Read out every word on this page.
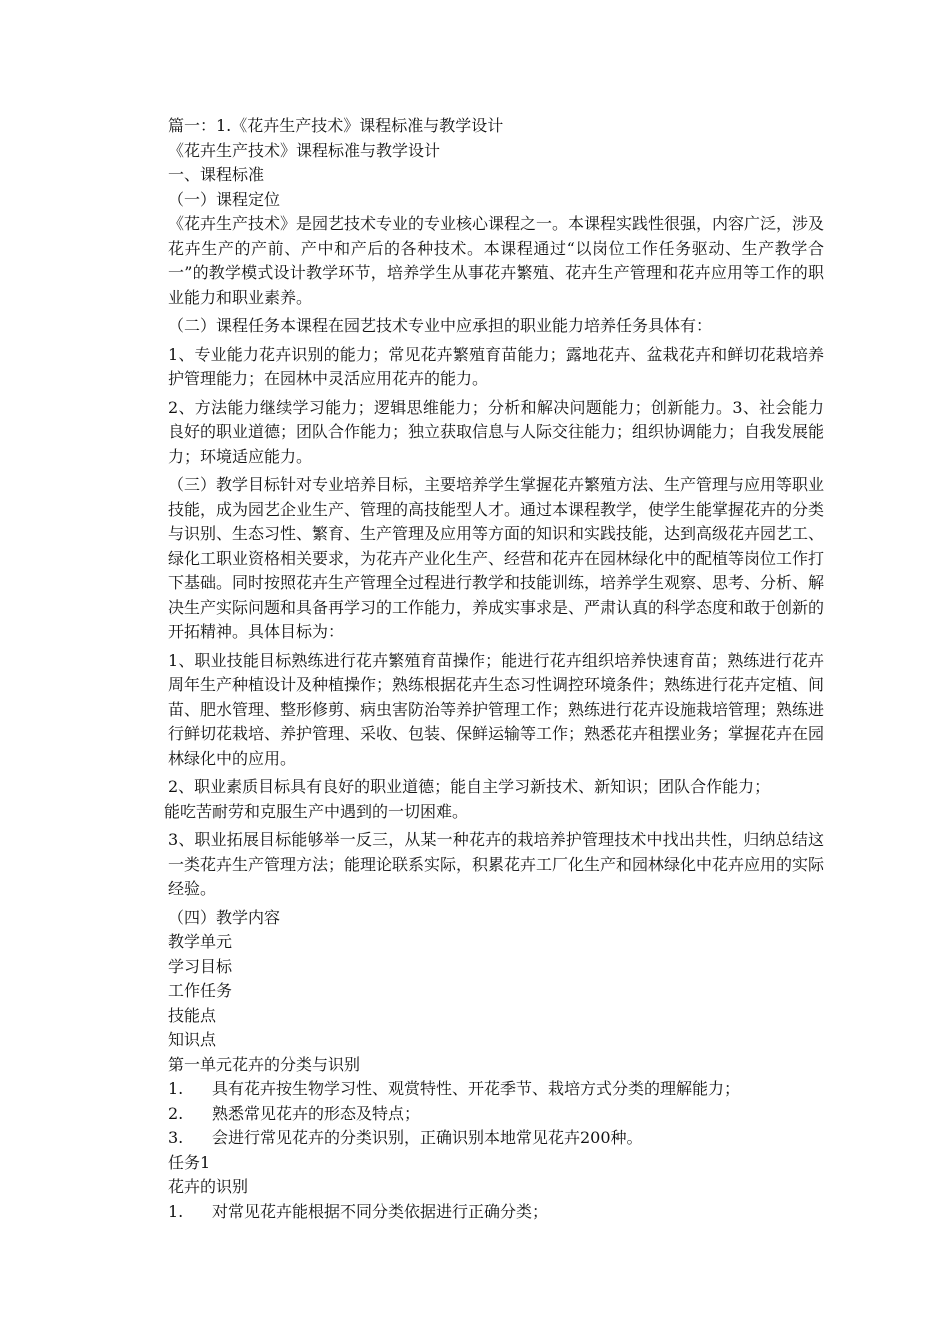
篇一：1.《花卉生产技术》课程标准与教学设计
《花卉生产技术》课程标准与教学设计
一、课程标准
（一）课程定位
《花卉生产技术》是园艺技术专业的专业核心课程之一。本课程实践性很强，内容广泛，涉及花卉生产的产前、产中和产后的各种技术。本课程通过“以岗位工作任务驱动、生产教学合一”的教学模式设计教学环节，培养学生从事花卉繁殖、花卉生产管理和花卉应用等工作的职业能力和职业素养。
（二）课程任务本课程在园艺技术专业中应承担的职业能力培养任务具体有：
1、专业能力花卉识别的能力；常见花卉繁殖育苗能力；露地花卉、盆栽花卉和鲜切花栽培养护管理能力；在园林中灵活应用花卉的能力。
2、方法能力继续学习能力；逻辑思维能力；分析和解决问题能力；创新能力。3、社会能力良好的职业道德；团队合作能力；独立获取信息与人际交往能力；组织协调能力；自我发展能力；环境适应能力。
（三）教学目标针对专业培养目标，主要培养学生掌握花卉繁殖方法、生产管理与应用等职业技能，成为园艺企业生产、管理的高技能型人才。通过本课程教学，使学生能掌握花卉的分类与识别、生态习性、繁育、生产管理及应用等方面的知识和实践技能，达到高级花卉园艺工、绿化工职业资格相关要求，为花卉产业化生产、经营和花卉在园林绿化中的配植等岗位工作打下基础。同时按照花卉生产管理全过程进行教学和技能训练，培养学生观察、思考、分析、解决生产实际问题和具备再学习的工作能力，养成实事求是、严肃认真的科学态度和敢于创新的开拓精神。具体目标为：
1、职业技能目标熟练进行花卉繁殖育苗操作；能进行花卉组织培养快速育苗；熟练进行花卉周年生产种植设计及种植操作；熟练根据花卉生态习性调控环境条件；熟练进行花卉定植、间苗、肥水管理、整形修剪、病虫害防治等养护管理工作；熟练进行花卉设施栽培管理；熟练进行鲜切花栽培、养护管理、采收、包装、保鲜运输等工作；熟悉花卉租摆业务；掌握花卉在园林绿化中的应用。
2、职业素质目标具有良好的职业道德；能自主学习新技术、新知识；团队合作能力；
能吃苦耐劳和克服生产中遇到的一切困难。
3、职业拓展目标能够举一反三，从某一种花卉的栽培养护管理技术中找出共性，归纳总结这一类花卉生产管理方法；能理论联系实际，积累花卉工厂化生产和园林绿化中花卉应用的实际经验。
（四）教学内容
教学单元
学习目标
工作任务
技能点
知识点
第一单元花卉的分类与识别
1. 具有花卉按生物学习性、观赏特性、开花季节、栽培方式分类的理解能力；
2. 熟悉常见花卉的形态及特点；
3. 会进行常见花卉的分类识别，正确识别本地常见花卉200种。
任务1
花卉的识别
1. 对常见花卉能根据不同分类依据进行正确分类；
